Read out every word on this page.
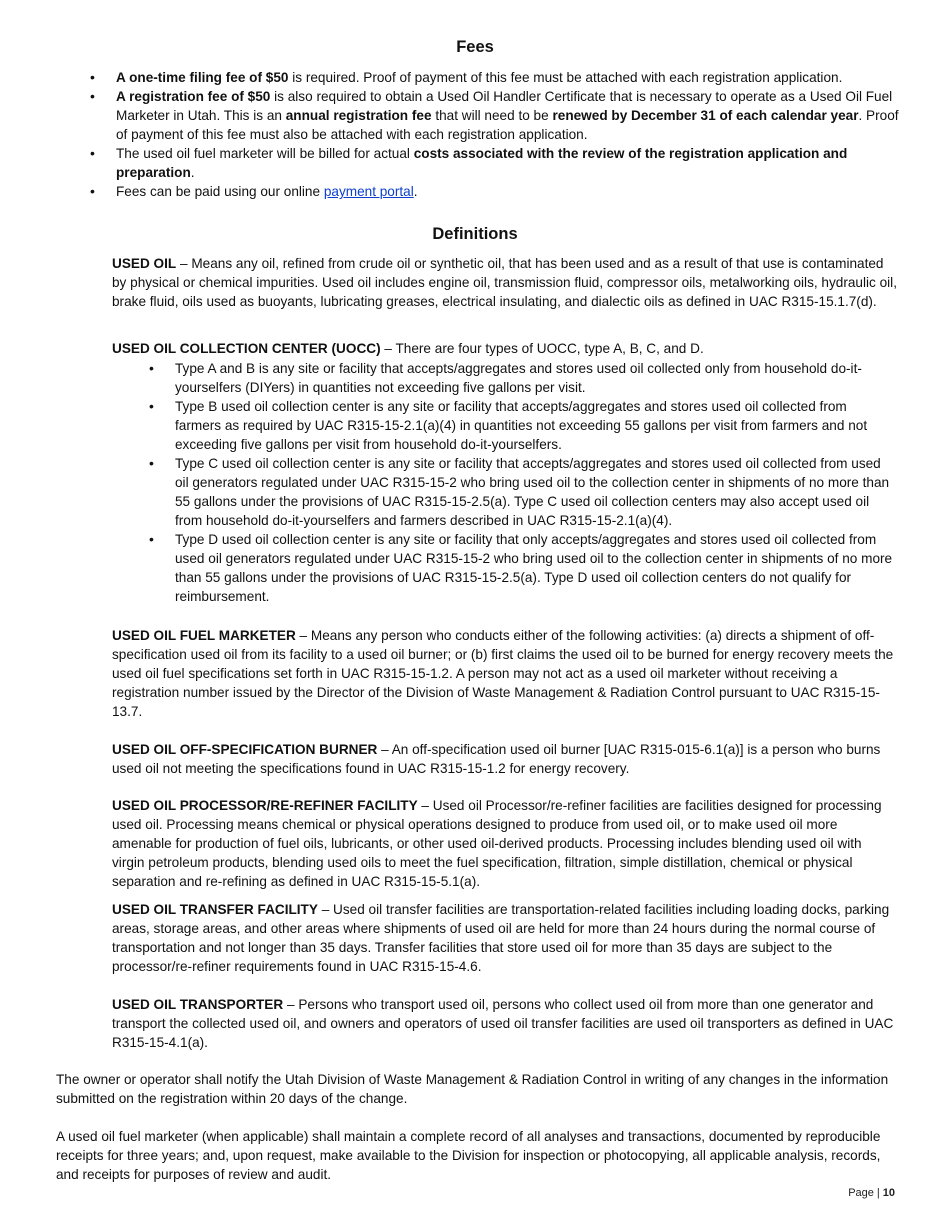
Fees
• A one-time filing fee of $50 is required. Proof of payment of this fee must be attached with each registration application.
• A registration fee of $50 is also required to obtain a Used Oil Handler Certificate that is necessary to operate as a Used Oil Fuel Marketer in Utah. This is an annual registration fee that will need to be renewed by December 31 of each calendar year. Proof of payment of this fee must also be attached with each registration application.
• The used oil fuel marketer will be billed for actual costs associated with the review of the registration application and preparation.
• Fees can be paid using our online payment portal.
Definitions

USED OIL – Means any oil, refined from crude oil or synthetic oil, that has been used and as a result of that use is contaminated by physical or chemical impurities. Used oil includes engine oil, transmission fluid, compressor oils, metalworking oils, hydraulic oil, brake fluid, oils used as buoyants, lubricating greases, electrical insulating, and dialectic oils as defined in UAC R315-15.1.7(d).

USED OIL COLLECTION CENTER (UOCC) – There are four types of UOCC, type A, B, C, and D.

• Type A and B is any site or facility that accepts/aggregates and stores used oil collected only from household do-it-yourselfers (DIYers) in quantities not exceeding five gallons per visit.
• Type B used oil collection center is any site or facility that accepts/aggregates and stores used oil collected from farmers as required by UAC R315-15-2.1(a)(4) in quantities not exceeding 55 gallons per visit from farmers and not exceeding five gallons per visit from household do-it-yourselfers.
• Type C used oil collection center is any site or facility that accepts/aggregates and stores used oil collected from used oil generators regulated under UAC R315-15-2 who bring used oil to the collection center in shipments of no more than 55 gallons under the provisions of UAC R315-15-2.5(a). Type C used oil collection centers may also accept used oil from household do-it-yourselfers and farmers described in UAC R315-15-2.1(a)(4).
• Type D used oil collection center is any site or facility that only accepts/aggregates and stores used oil collected from used oil generators regulated under UAC R315-15-2 who bring used oil to the collection center in shipments of no more than 55 gallons under the provisions of UAC R315-15-2.5(a). Type D used oil collection centers do not qualify for reimbursement.

USED OIL FUEL MARKETER – Means any person who conducts either of the following activities: (a) directs a shipment of off-specification used oil from its facility to a used oil burner; or (b) first claims the used oil to be burned for energy recovery meets the used oil fuel specifications set forth in UAC R315-15-1.2. A person may not act as a used oil marketer without receiving a registration number issued by the Director of the Division of Waste Management & Radiation Control pursuant to UAC R315-15-13.7.

USED OIL OFF-SPECIFICATION BURNER – An off-specification used oil burner [UAC R315-015-6.1(a)] is a person who burns used oil not meeting the specifications found in UAC R315-15-1.2 for energy recovery.

USED OIL PROCESSOR/RE-REFINER FACILITY – Used oil Processor/re-refiner facilities are facilities designed for processing used oil. Processing means chemical or physical operations designed to produce from used oil, or to make used oil more amenable for production of fuel oils, lubricants, or other used oil-derived products. Processing includes blending used oil with virgin petroleum products, blending used oils to meet the fuel specification, filtration, simple distillation, chemical or physical separation and re-refining as defined in UAC R315-15-5.1(a).

USED OIL TRANSFER FACILITY – Used oil transfer facilities are transportation-related facilities including loading docks, parking areas, storage areas, and other areas where shipments of used oil are held for more than 24 hours during the normal course of transportation and not longer than 35 days. Transfer facilities that store used oil for more than 35 days are subject to the processor/re-refiner requirements found in UAC R315-15-4.6.

USED OIL TRANSPORTER – Persons who transport used oil, persons who collect used oil from more than one generator and transport the collected used oil, and owners and operators of used oil transfer facilities are used oil transporters as defined in UAC R315-15-4.1(a).

The owner or operator shall notify the Utah Division of Waste Management & Radiation Control in writing of any changes in the information submitted on the registration within 20 days of the change.

A used oil fuel marketer (when applicable) shall maintain a complete record of all analyses and transactions, documented by reproducible receipts for three years; and, upon request, make available to the Division for inspection or photocopying, all applicable analysis, records, and receipts for purposes of review and audit.

Page | 10
